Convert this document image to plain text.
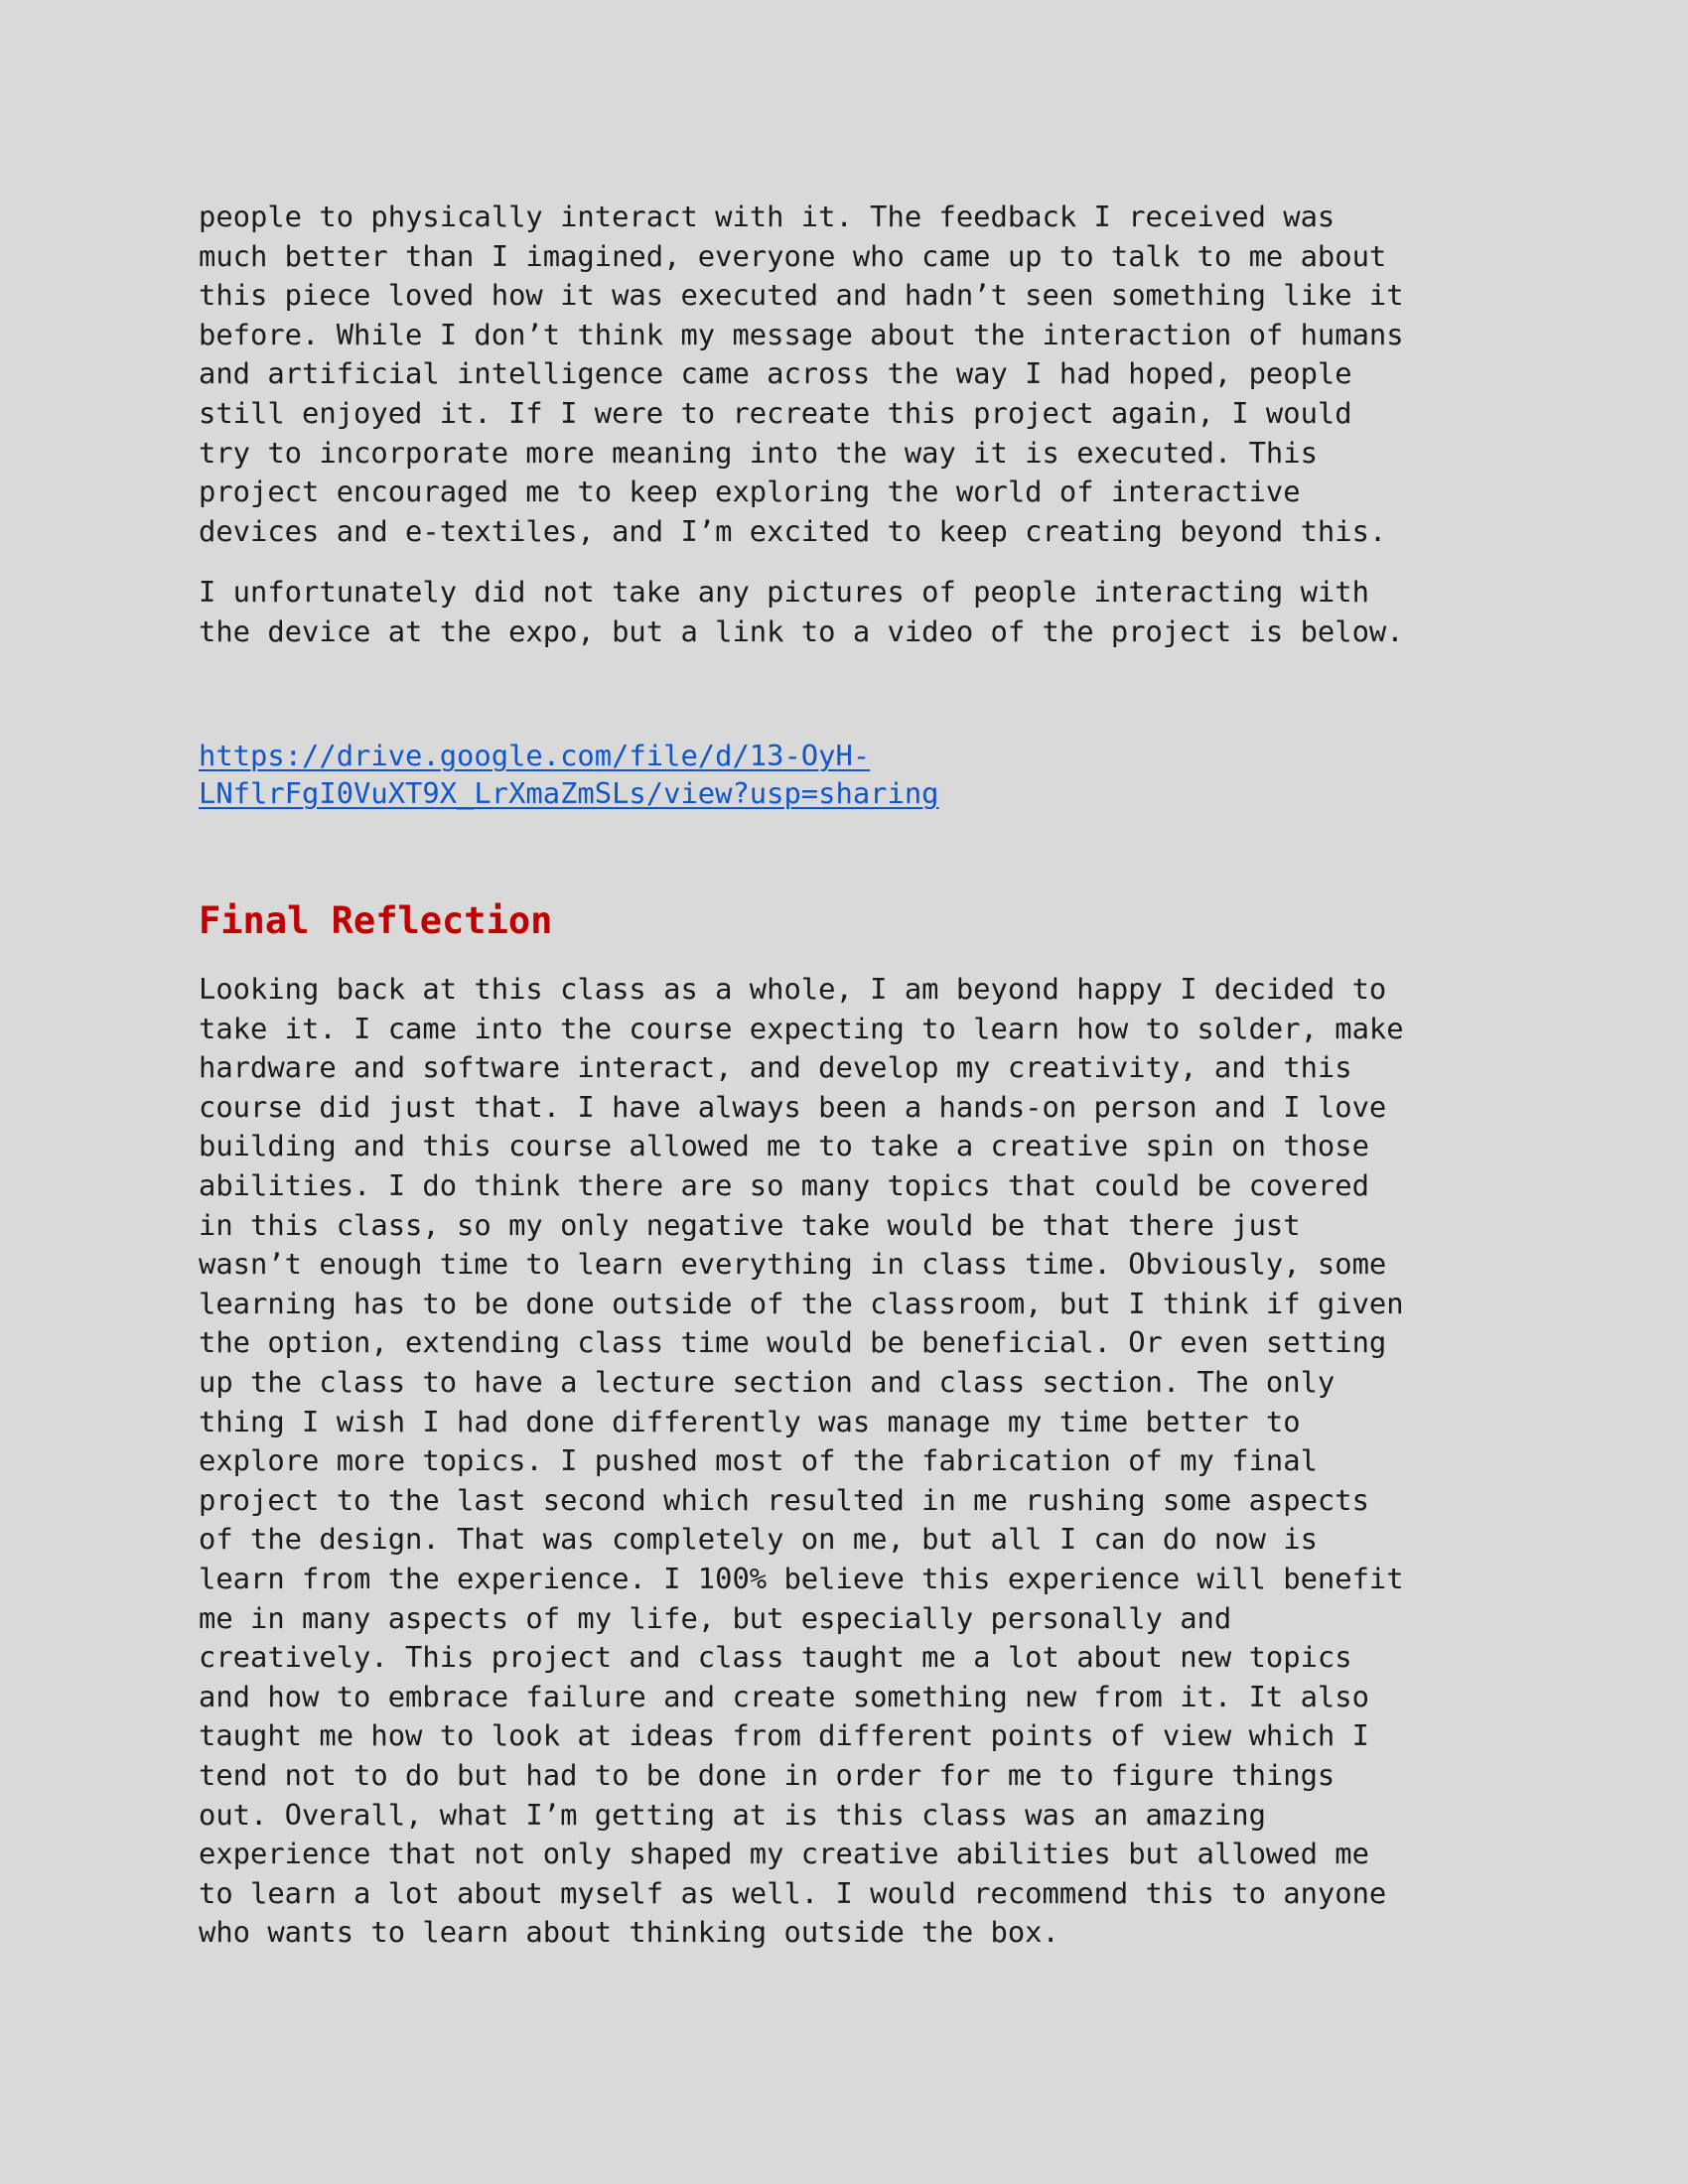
people to physically interact with it. The feedback I received was
much better than I imagined, everyone who came up to talk to me about
this piece loved how it was executed and hadn’t seen something like it
before. While I don’t think my message about the interaction of humans
and artificial intelligence came across the way I had hoped, people
still enjoyed it. If I were to recreate this project again, I would
try to incorporate more meaning into the way it is executed. This
project encouraged me to keep exploring the world of interactive
devices and e-textiles, and I’m excited to keep creating beyond this.
I unfortunately did not take any pictures of people interacting with
the device at the expo, but a link to a video of the project is below.
https://drive.google.com/file/d/13-OyH-
LNflrFgI0VuXT9X_LrXmaZmSLs/view?usp=sharing
Final Reflection
Looking back at this class as a whole, I am beyond happy I decided to
take it. I came into the course expecting to learn how to solder, make
hardware and software interact, and develop my creativity, and this
course did just that. I have always been a hands-on person and I love
building and this course allowed me to take a creative spin on those
abilities. I do think there are so many topics that could be covered
in this class, so my only negative take would be that there just
wasn’t enough time to learn everything in class time. Obviously, some
learning has to be done outside of the classroom, but I think if given
the option, extending class time would be beneficial. Or even setting
up the class to have a lecture section and class section. The only
thing I wish I had done differently was manage my time better to
explore more topics. I pushed most of the fabrication of my final
project to the last second which resulted in me rushing some aspects
of the design. That was completely on me, but all I can do now is
learn from the experience. I 100% believe this experience will benefit
me in many aspects of my life, but especially personally and
creatively. This project and class taught me a lot about new topics
and how to embrace failure and create something new from it. It also
taught me how to look at ideas from different points of view which I
tend not to do but had to be done in order for me to figure things
out. Overall, what I’m getting at is this class was an amazing
experience that not only shaped my creative abilities but allowed me
to learn a lot about myself as well. I would recommend this to anyone
who wants to learn about thinking outside the box.
